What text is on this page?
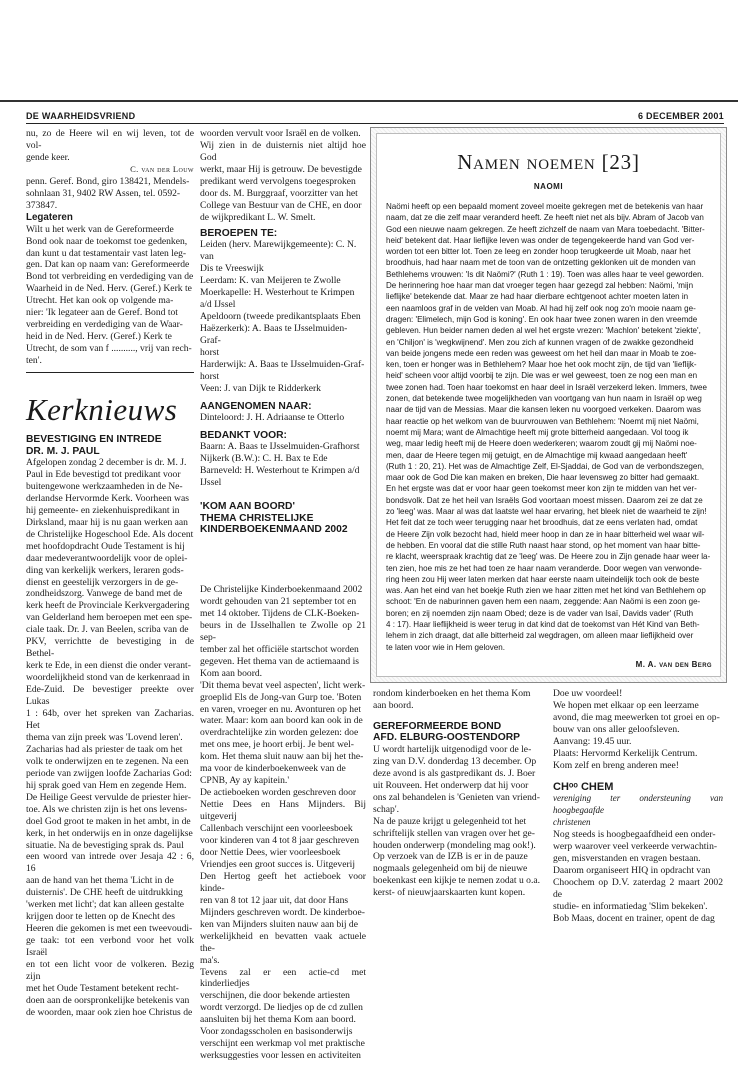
DE WAARHEIDSVRIEND	6 DECEMBER 2001
nu, zo de Heere wil en wij leven, tot de vol-
gende keer.
C. van der Louw
penn. Geref. Bond, giro 138421, Mendels-
sohnlaan 31, 9402 RW Assen, tel. 0592-
373847.
Legateren
Wilt u het werk van de Gereformeerde
Bond ook naar de toekomst toe gedenken,
dan kunt u dat testamentair vast laten leg-
gen. Dat kan op naam van: Gereformeerde
Bond tot verbreiding en verdediging van de
Waarheid in de Ned. Herv. (Geref.) Kerk te
Utrecht. Het kan ook op volgende ma-
nier: 'Ik legateer aan de Geref. Bond tot
verbreiding en verdediging van de Waar-
heid in de Ned. Herv. (Geref.) Kerk te
Utrecht, de som van f .........., vrij van rech-
ten'.
Kerknieuws
BEVESTIGING EN INTREDE
DR. M. J. PAUL
Afgelopen zondag 2 december is dr. M. J.
Paul in Ede bevestigd tot predikant voor
buitengewone werkzaamheden in de Ne-
derlandse Hervormde Kerk. Voorheen was
hij gemeente- en ziekenhuispredikant in
Dirksland, maar hij is nu gaan werken aan
de Christelijke Hogeschool Ede. Als docent
met hoofdopdracht Oude Testament is hij
daar medeverantwoordelijk voor de oplei-
ding van kerkelijk werkers, leraren gods-
dienst en geestelijk verzorgers in de ge-
zondheidszorg. Vanwege de band met de
kerk heeft de Provinciale Kerkvergadering
van Gelderland hem beroepen met een spe-
ciale taak. Dr. J. van Beelen, scriba van de
PKV, verrichtte de bevestiging in de Bethel-
kerk te Ede, in een dienst die onder verant-
woordelijkheid stond van de kerkenraad in
Ede-Zuid. De bevestiger preekte over Lukas
1 : 64b, over het spreken van Zacharias. Het
thema van zijn preek was 'Lovend leren'.
Zacharias had als priester de taak om het
volk te onderwijzen en te zegenen. Na een
periode van zwijgen loofde Zacharias God:
hij sprak goed van Hem en zegende Hem.
De Heilige Geest vervulde de priester hier-
toe. Als we christen zijn is het ons levens-
doel God groot te maken in het ambt, in de
kerk, in het onderwijs en in onze dagelijkse
situatie. Na de bevestiging sprak ds. Paul
een woord van intrede over Jesaja 42 : 6, 16
aan de hand van het thema 'Licht in de
duisternis'. De CHE heeft de uitdrukking
'werken met licht'; dat kan alleen gestalte
krijgen door te letten op de Knecht des
Heeren die gekomen is met een tweevoudi-
ge taak: tot een verbond voor het volk Israël
en tot een licht voor de volkeren. Bezig zijn
met het Oude Testament betekent recht-
doen aan de oorspronkelijke betekenis van
de woorden, maar ook zien hoe Christus de
woorden vervult voor Israël en de volken.
Wij zien in de duisternis niet altijd hoe God
werkt, maar Hij is getrouw. De bevestigde
predikant werd vervolgens toegesproken
door ds. M. Burggraaf, voorzitter van het
College van Bestuur van de CHE, en door
de wijkpredikant L. W. Smelt.
BEROEPEN TE:
Leiden (herv. Marewijkgemeente): C. N. van
Dis te Vreeswijk
Leerdam: K. van Meijeren te Zwolle
Moerkapelle: H. Westerhout te Krimpen
a/d IJssel
Apeldoorn (tweede predikantsplaats Eben
Haëzerkerk): A. Baas te IJsselmuiden-Graf-
horst
Harderwijk: A. Baas te IJsselmuiden-Graf-
horst
Veen: J. van Dijk te Ridderkerk
AANGENOMEN NAAR:
Dinteloord: J. H. Adriaanse te Otterlo
BEDANKT VOOR:
Baarn: A. Baas te IJsselmuiden-Grafhorst
Nijkerk (B.W.): C. H. Bax te Ede
Barneveld: H. Westerhout te Krimpen a/d
IJssel
'KOM AAN BOORD'
THEMA CHRISTELIJKE
KINDERBOEKENMAAND 2002
De Christelijke Kinderboekenmaand 2002
wordt gehouden van 21 september tot en
met 14 oktober. Tijdens de CLK-Boeken-
beurs in de IJsselhallen te Zwolle op 21 sep-
tember zal het officiële startschot worden
gegeven. Het thema van de actiemaand is
Kom aan boord.
'Dit thema bevat veel aspecten', licht werk-
groeplid Els de Jong-van Gurp toe. 'Boten
en varen, vroeger en nu. Avonturen op het
water. Maar: kom aan boord kan ook in de
overdrachtelijke zin worden gelezen: doe
met ons mee, je hoort erbij. Je bent wel-
kom. Het thema sluit nauw aan bij het the-
ma voor de kinderboekenweek van de
CPNB, Ay ay kapitein.'
De actieboeken worden geschreven door
Nettie Dees en Hans Mijnders. Bij uitgeverij
Callenbach verschijnt een voorleesboek
voor kinderen van 4 tot 8 jaar geschreven
door Nettie Dees, wier voorleesboek
Vriendjes een groot succes is. Uitgeverij
Den Hertog geeft het actieboek voor kinde-
ren van 8 tot 12 jaar uit, dat door Hans
Mijnders geschreven wordt. De kinderboe-
ken van Mijnders sluiten nauw aan bij de
werkelijkheid en bevatten vaak actuele the-
ma's.
Tevens zal er een actie-cd met kinderliedjes
verschijnen, die door bekende artiesten
wordt verzorgd. De liedjes op de cd zullen
aansluiten bij het thema Kom aan boord.
Voor zondagsscholen en basisonderwijs
verschijnt een werkmap vol met praktische
werksuggesties voor lessen en activiteiten
Namen noemen [23]
NAOMI
Naömi heeft op een bepaald moment zoveel moeite gekregen met de betekenis van haar
naam, dat ze die zelf maar veranderd heeft. Ze heeft niet net als bijv. Abram of Jacob van
God een nieuwe naam gekregen. Ze heeft zichzelf de naam van Mara toebedacht. 'Bitter-
heid' betekent dat. Haar lieflijke leven was onder de tegengekeerde hand van God ver-
worden tot een bitter lot. Toen ze leeg en zonder hoop terugkeerde uit Moab, naar het
broodhuis, had haar naam met de toon van de ontzetting geklonken uit de monden van
Bethlehems vrouwen: 'Is dit Naömi?' (Ruth 1 : 19). Toen was alles haar te veel geworden.
De herinnering hoe haar man dat vroeger tegen haar gezegd zal hebben: Naömi, 'mijn
lieflijke' betekende dat. Maar ze had haar dierbare echtgenoot achter moeten laten in
een naamloos graf in de velden van Moab. Al had hij zelf ook nog zo'n mooie naam ge-
dragen: 'Elimelech, mijn God is koning'. En ook haar twee zonen waren in den vreemde
gebleven. Hun beider namen deden al wel het ergste vrezen: 'Machlon' betekent 'ziekte',
en 'Chiljon' is 'wegkwijnend'. Men zou zich af kunnen vragen of de zwakke gezondheid
van beide jongens mede een reden was geweest om het heil dan maar in Moab te zoe-
ken, toen er honger was in Bethlehem? Maar hoe het ook mocht zijn, de tijd van 'lieflijk-
heid' scheen voor altijd voorbij te zijn. Die was er wel geweest, toen ze nog een man en
twee zonen had. Toen haar toekomst en haar deel in Israël verzekerd leken. Immers, twee
zonen, dat betekende twee mogelijkheden van voortgang van hun naam in Israël op weg
naar de tijd van de Messias. Maar die kansen leken nu voorgoed verkeken. Daarom was
haar reactie op het welkom van de buurvrouwen van Bethlehem: 'Noemt mij niet Naömi,
noemt mij Mara; want de Almachtige heeft mij grote bitterheid aangedaan. Vol toog ik
weg, maar ledig heeft mij de Heere doen wederkeren; waarom zoudt gij mij Naömi noe-
men, daar de Heere tegen mij getuigt, en de Almachtige mij kwaad aangedaan heeft'
(Ruth 1 : 20, 21). Het was de Almachtige Zelf, El-Sjaddai, de God van de verbondszegen,
maar ook de God Die kan maken en breken, Die haar levensweg zo bitter had gemaakt.
En het ergste was dat er voor haar geen toekomst meer kon zijn te midden van het ver-
bondsvolk. Dat ze het heil van Israëls God voortaan moest missen. Daarom zei ze dat ze
zo 'leeg' was. Maar al was dat laatste wel haar ervaring, het bleek niet de waarheid te zijn!
Het feit dat ze toch weer terugging naar het broodhuis, dat ze eens verlaten had, omdat
de Heere Zijn volk bezocht had, hield meer hoop in dan ze in haar bitterheid wel waar wil-
de hebben. En vooral dat die stille Ruth naast haar stond, op het moment van haar bitte-
re klacht, weerspraak krachtig dat ze 'leeg' was. De Heere zou in Zijn genade haar weer la-
ten zien, hoe mis ze het had toen ze haar naam veranderde. Door wegen van verwonde-
ring heen zou Hij weer laten merken dat haar eerste naam uiteindelijk toch ook de beste
was. Aan het eind van het boekje Ruth zien we haar zitten met het kind van Bethlehem op
schoot: 'En de naburinnen gaven hem een naam, zeggende: Aan Naömi is een zoon ge-
boren; en zij noemden zijn naam Obed; deze is de vader van Isaï, Davids vader' (Ruth
4 : 17). Haar lieflijkheid is weer terug in dat kind dat de toekomst van Hét Kind van Beth-
lehem in zich draagt, dat alle bitterheid zal wegdragen, om alleen maar lieflijkheid over
te laten voor wie in Hem geloven.
M. A. van den Berg
rondom kinderboeken en het thema Kom
aan boord.
GEREFORMEERDE BOND
AFD. ELBURG-OOSTENDORP
U wordt hartelijk uitgenodigd voor de le-
zing van D.V. donderdag 13 december. Op
deze avond is als gastpredikant ds. J. Boer
uit Rouveen. Het onderwerp dat hij voor
ons zal behandelen is 'Genieten van vriend-
schap'.
Na de pauze krijgt u gelegenheid tot het
schriftelijk stellen van vragen over het ge-
houden onderwerp (mondeling mag ook!).
Op verzoek van de IZB is er in de pauze
nogmaals gelegenheid om bij de nieuwe
boekenkast een kijkje te nemen zodat u o.a.
kerst- of nieuwjaarskaarten kunt kopen.
Doe uw voordeel!
We hopen met elkaar op een leerzame
avond, die mag meewerken tot groei en op-
bouw van ons aller geloofsleven.
Aanvang: 19.45 uur.
Plaats: Hervormd Kerkelijk Centrum.
Kom zelf en breng anderen mee!
CHᵒᵒ CHEM
vereniging ter ondersteuning van hoogbegaafde
christenen
Nog steeds is hoogbegaafdheid een onder-
werp waarover veel verkeerde verwachtin-
gen, misverstanden en vragen bestaan.
Daarom organiseert HIQ in opdracht van
Choochem op D.V. zaterdag 2 maart 2002 de
studie- en informatiedag 'Slim bekeken'.
Bob Maas, docent en trainer, opent de dag
